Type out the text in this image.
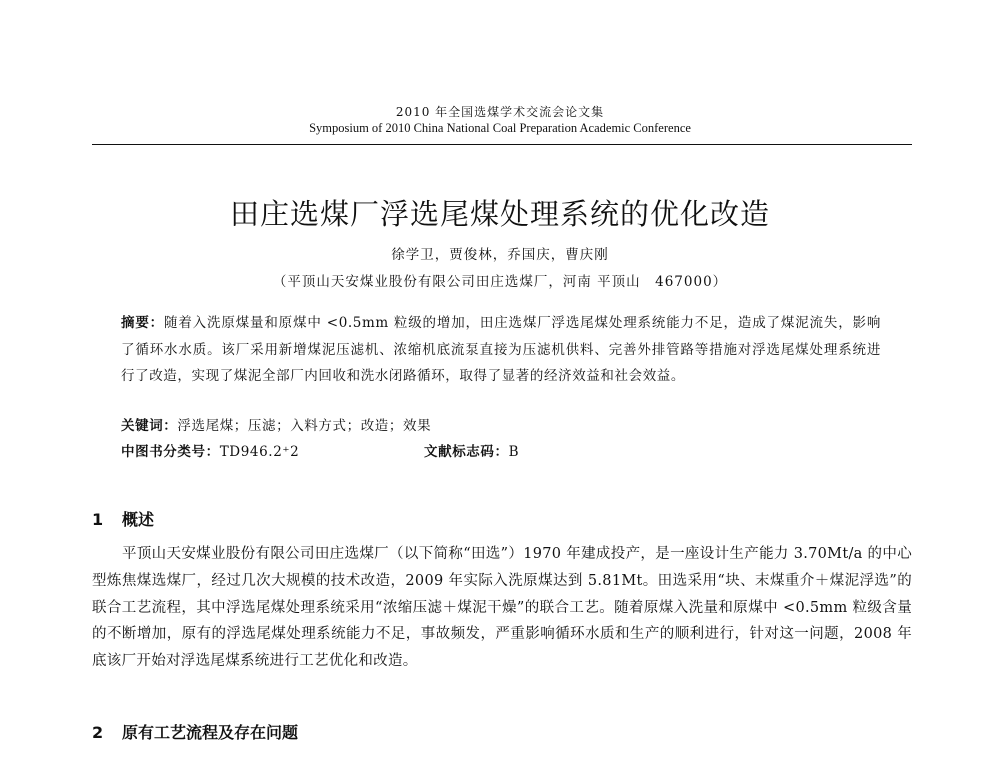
2010 年全国选煤学术交流会论文集
Symposium of 2010 China National Coal Preparation Academic Conference
田庄选煤厂浮选尾煤处理系统的优化改造
徐学卫，贾俊林，乔国庆，曹庆刚
（平顶山天安煤业股份有限公司田庄选煤厂，河南 平顶山　467000）
摘要：随着入洗原煤量和原煤中 <0.5mm 粒级的增加，田庄选煤厂浮选尾煤处理系统能力不足，造成了煤泥流失，影响了循环水水质。该厂采用新增煤泥压滤机、浓缩机底流泵直接为压滤机供料、完善外排管路等措施对浮选尾煤处理系统进行了改造，实现了煤泥全部厂内回收和洗水闭路循环，取得了显著的经济效益和社会效益。
关键词：浮选尾煤；压滤；入料方式；改造；效果
中图书分类号：TD946.2⁺2	文献标志码：B
1 概述
平顶山天安煤业股份有限公司田庄选煤厂（以下简称“田选”）1970 年建成投产，是一座设计生产能力 3.70Mt/a 的中心型炼焦煤选煤厂，经过几次大规模的技术改造，2009 年实际入洗原煤达到 5.81Mt。田选采用“块、末煤重介＋煤泥浮选”的联合工艺流程，其中浮选尾煤处理系统采用“浓缩压滤＋煤泥干燥”的联合工艺。随着原煤入洗量和原煤中 <0.5mm 粒级含量的不断增加，原有的浮选尾煤处理系统能力不足，事故频发，严重影响循环水质和生产的顺利进行，针对这一问题，2008 年底该厂开始对浮选尾煤系统进行工艺优化和改造。
2 原有工艺流程及存在问题
